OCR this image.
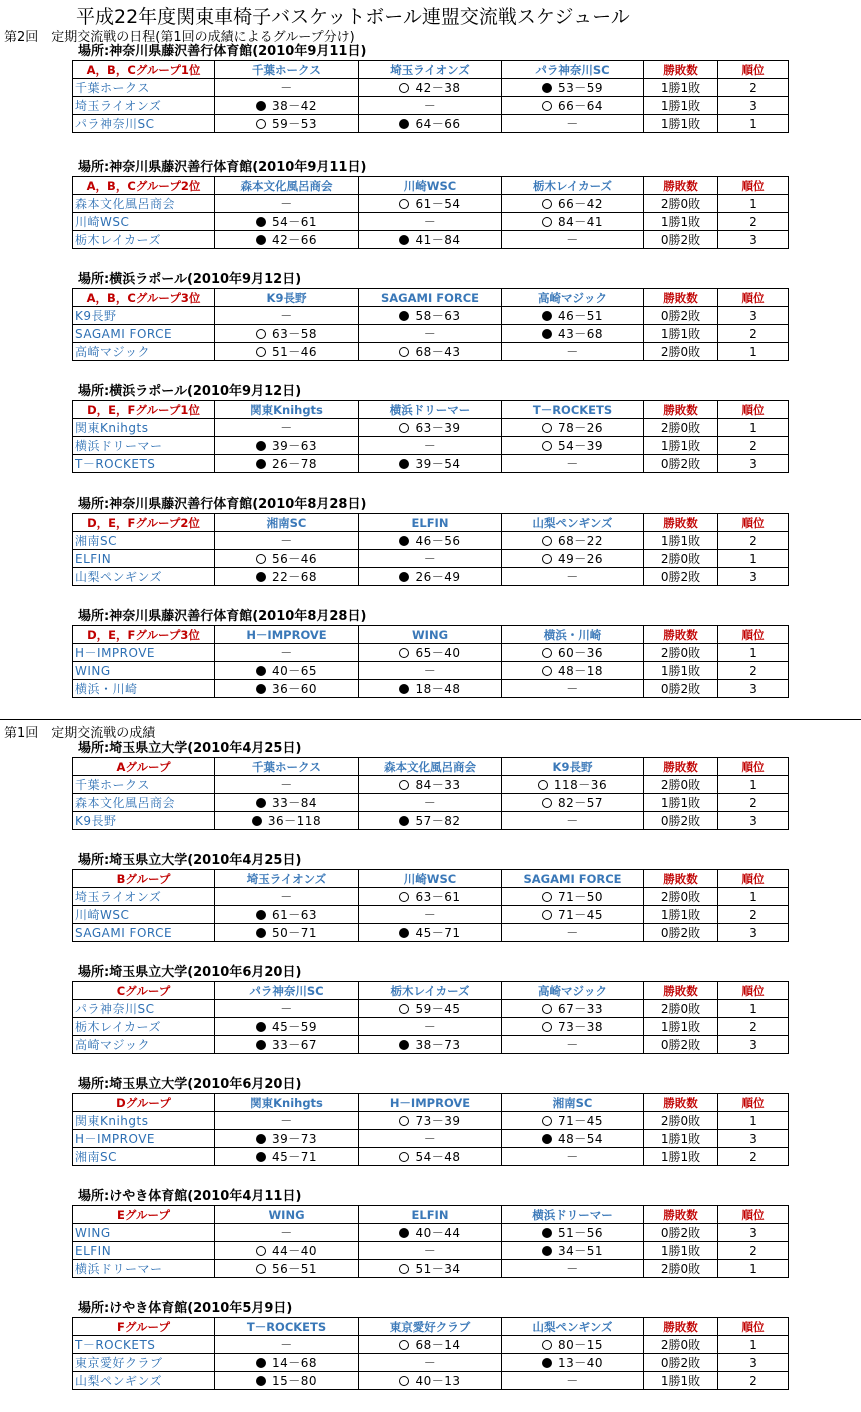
平成22年度関東車椅子バスケットボール連盟交流戦スケジュール
第2回　定期交流戦の日程(第1回の成績によるグループ分け)
第1回　定期交流戦の成績
場所:神奈川県藤沢善行体育館(2010年9月11日)
A，B，Cグループ1位	千葉ホークス	埼玉ライオンズ	パラ神奈川SC	勝敗数	順位
千葉ホークス	－	42－38	53－59	1勝1敗	2
埼玉ライオンズ	38－42	－	66－64	1勝1敗	3
パラ神奈川SC	59－53	64－66	－	1勝1敗	1
場所:神奈川県藤沢善行体育館(2010年9月11日)
A，B，Cグループ2位	森本文化風呂商会	川崎WSC	栃木レイカーズ	勝敗数	順位
森本文化風呂商会	－	61－54	66－42	2勝0敗	1
川崎WSC	54－61	－	84－41	1勝1敗	2
栃木レイカーズ	42－66	41－84	－	0勝2敗	3
場所:横浜ラポール(2010年9月12日)
A，B，Cグループ3位	K9長野	SAGAMI FORCE	高崎マジック	勝敗数	順位
K9長野	－	58－63	46－51	0勝2敗	3
SAGAMI FORCE	63－58	－	43－68	1勝1敗	2
高崎マジック	51－46	68－43	－	2勝0敗	1
場所:横浜ラポール(2010年9月12日)
D，E，Fグループ1位	関東Knihgts	横浜ドリーマー	T－ROCKETS	勝敗数	順位
関東Knihgts	－	63－39	78－26	2勝0敗	1
横浜ドリーマー	39－63	－	54－39	1勝1敗	2
T－ROCKETS	26－78	39－54	－	0勝2敗	3
場所:神奈川県藤沢善行体育館(2010年8月28日)
D，E，Fグループ2位	湘南SC	ELFIN	山梨ペンギンズ	勝敗数	順位
湘南SC	－	46－56	68－22	1勝1敗	2
ELFIN	56－46	－	49－26	2勝0敗	1
山梨ペンギンズ	22－68	26－49	－	0勝2敗	3
場所:神奈川県藤沢善行体育館(2010年8月28日)
D，E，Fグループ3位	H－IMPROVE	WING	横浜・川崎	勝敗数	順位
H－IMPROVE	－	65－40	60－36	2勝0敗	1
WING	40－65	－	48－18	1勝1敗	2
横浜・川崎	36－60	18－48	－	0勝2敗	3
場所:埼玉県立大学(2010年4月25日)
Aグループ	千葉ホークス	森本文化風呂商会	K9長野	勝敗数	順位
千葉ホークス	－	84－33	118－36	2勝0敗	1
森本文化風呂商会	33－84	－	82－57	1勝1敗	2
K9長野	36－118	57－82	－	0勝2敗	3
場所:埼玉県立大学(2010年4月25日)
Bグループ	埼玉ライオンズ	川崎WSC	SAGAMI FORCE	勝敗数	順位
埼玉ライオンズ	－	63－61	71－50	2勝0敗	1
川崎WSC	61－63	－	71－45	1勝1敗	2
SAGAMI FORCE	50－71	45－71	－	0勝2敗	3
場所:埼玉県立大学(2010年6月20日)
Cグループ	パラ神奈川SC	栃木レイカーズ	高崎マジック	勝敗数	順位
パラ神奈川SC	－	59－45	67－33	2勝0敗	1
栃木レイカーズ	45－59	－	73－38	1勝1敗	2
高崎マジック	33－67	38－73	－	0勝2敗	3
場所:埼玉県立大学(2010年6月20日)
Dグループ	関東Knihgts	H－IMPROVE	湘南SC	勝敗数	順位
関東Knihgts	－	73－39	71－45	2勝0敗	1
H－IMPROVE	39－73	－	48－54	1勝1敗	3
湘南SC	45－71	54－48	－	1勝1敗	2
場所:けやき体育館(2010年4月11日)
Eグループ	WING	ELFIN	横浜ドリーマー	勝敗数	順位
WING	－	40－44	51－56	0勝2敗	3
ELFIN	44－40	－	34－51	1勝1敗	2
横浜ドリーマー	56－51	51－34	－	2勝0敗	1
場所:けやき体育館(2010年5月9日)
Fグループ	T－ROCKETS	東京愛好クラブ	山梨ペンギンズ	勝敗数	順位
T－ROCKETS	－	68－14	80－15	2勝0敗	1
東京愛好クラブ	14－68	－	13－40	0勝2敗	3
山梨ペンギンズ	15－80	40－13	－	1勝1敗	2
